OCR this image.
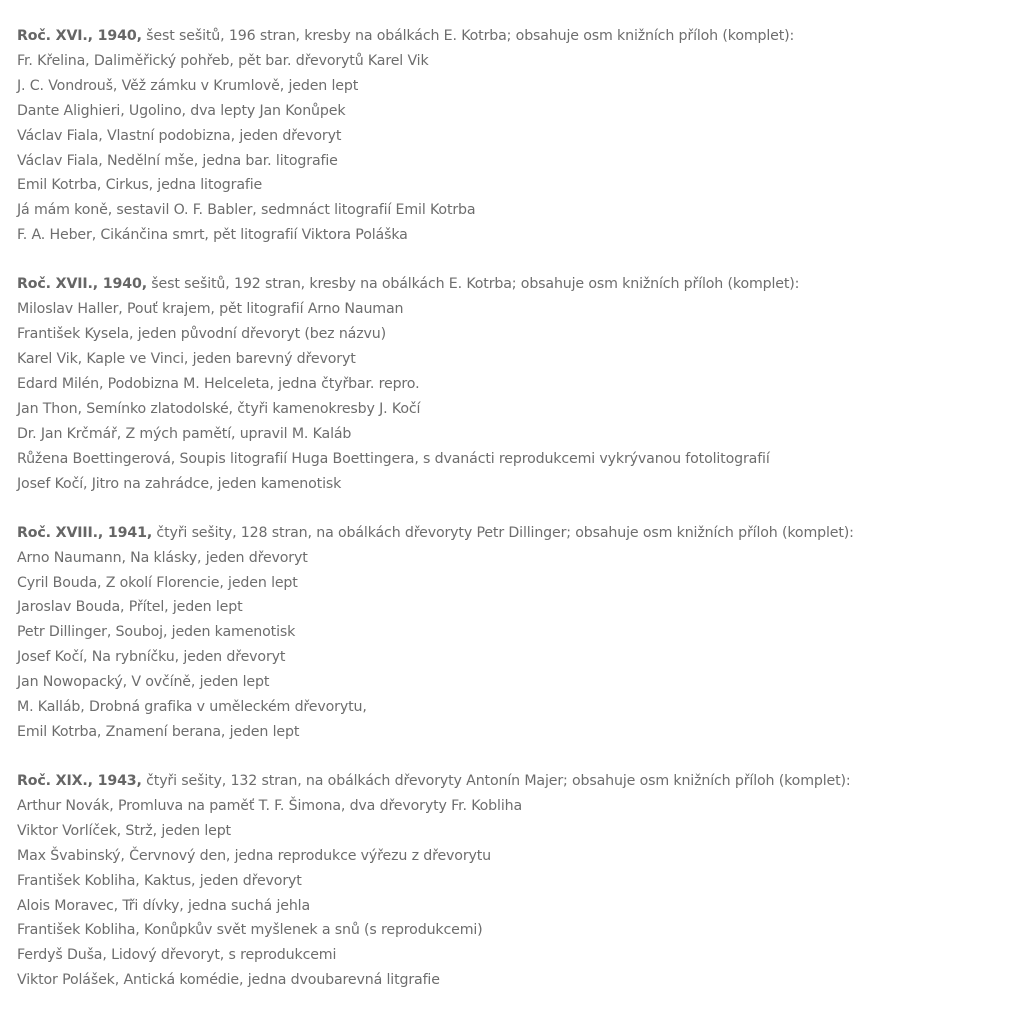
Roč. XVI., 1940, šest sešitů, 196 stran, kresby na obálkách E. Kotrba; obsahuje osm knižních příloh (komplet):

Fr. Křelina, Daliměřický pohřeb, pět bar. dřevorytů Karel Vik

J. C. Vondrouš, Věž zámku v Krumlově, jeden lept

Dante Alighieri, Ugolino, dva lepty Jan Konůpek

Václav Fiala, Vlastní podobizna, jeden dřevoryt

Václav Fiala, Nedělní mše, jedna bar. litografie

Emil Kotrba, Cirkus, jedna litografie

Já mám koně, sestavil O. F. Babler, sedmnáct litografií Emil Kotrba

F. A. Heber, Cikánčina smrt, pět litografií Viktora Poláška

Roč. XVII., 1940, šest sešitů, 192 stran, kresby na obálkách E. Kotrba; obsahuje osm knižních příloh (komplet):

Miloslav Haller, Pouť krajem, pět litografií Arno Nauman

František Kysela, jeden původní dřevoryt (bez názvu)

Karel Vik, Kaple ve Vinci, jeden barevný dřevoryt

Edard Milén, Podobizna M. Helceleta, jedna čtyřbar. repro.

Jan Thon, Semínko zlatodolské, čtyři kamenokresby J. Kočí

Dr. Jan Krčmář, Z mých pamětí, upravil M. Kaláb

Růžena Boettingerová, Soupis litografií Huga Boettingera, s dvanácti reprodukcemi vykrývanou fotolitografií

Josef Kočí, Jitro na zahrádce, jeden kamenotisk

Roč. XVIII., 1941, čtyři sešity, 128 stran, na obálkách dřevoryty Petr Dillinger; obsahuje osm knižních příloh (komplet):

Arno Naumann, Na klásky, jeden dřevoryt

Cyril Bouda, Z okolí Florencie, jeden lept

Jaroslav Bouda, Přítel, jeden lept

Petr Dillinger, Souboj, jeden kamenotisk

Josef Kočí, Na rybníčku, jeden dřevoryt

Jan Nowopacký, V ovčíně, jeden lept

M. Kalláb, Drobná grafika v uměleckém dřevorytu,

Emil Kotrba, Znamení berana, jeden lept

Roč. XIX., 1943, čtyři sešity, 132 stran, na obálkách dřevoryty Antonín Majer; obsahuje osm knižních příloh (komplet):

Arthur Novák, Promluva na paměť T. F. Šimona, dva dřevoryty Fr. Kobliha

Viktor Vorlíček, Strž, jeden lept

Max Švabinský, Červnový den, jedna reprodukce výřezu z dřevorytu

František Kobliha, Kaktus, jeden dřevoryt

Alois Moravec, Tři dívky, jedna suchá jehla

František Kobliha, Konůpkův svět myšlenek a snů (s reprodukcemi)

Ferdyš Duša, Lidový dřevoryt, s reprodukcemi

Viktor Polášek, Antická komédie, jedna dvoubarevná litgrafie
